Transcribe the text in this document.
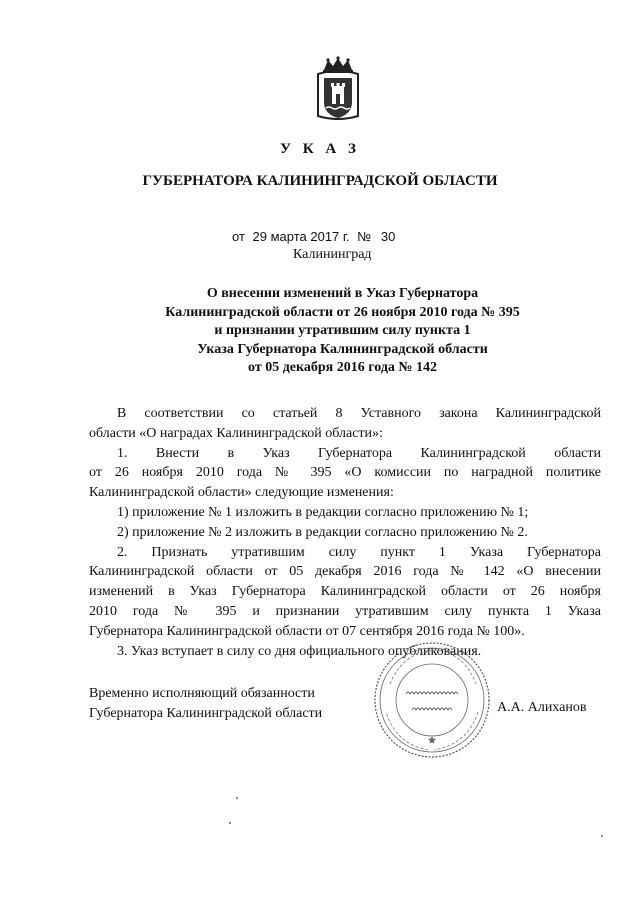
У К А З
ГУБЕРНАТОРА КАЛИНИНГРАДСКОЙ ОБЛАСТИ
от 29 марта 2017 г. № 30
Калининград
О внесении изменений в Указ Губернатора
Калининградской области от 26 ноября 2010 года № 395
и признании утратившим силу пункта 1
Указа Губернатора Калининградской области
от 05 декабря 2016 года № 142

В соответствии со статьей 8 Уставного закона Калининградской

области «О наградах Калининградской области»:

1. Внести в Указ Губернатора Калининградской области

от 26 ноября 2010 года № 395 «О комиссии по наградной политике

Калининградской области» следующие изменения:

1) приложение № 1 изложить в редакции согласно приложению № 1;

2) приложение № 2 изложить в редакции согласно приложению № 2.

2. Признать утратившим силу пункт 1 Указа Губернатора

Калининградской области от 05 декабря 2016 года № 142 «О внесении

изменений в Указ Губернатора Калининградской области от 26 ноября

2010 года № 395 и признании утратившим силу пункта 1 Указа

Губернатора Калининградской области от 07 сентября 2016 года № 100».

3. Указ вступает в силу со дня официального опубликования.

Временно исполняющий обязанности
Губернатора Калининградской области	А.А. Алиханов
